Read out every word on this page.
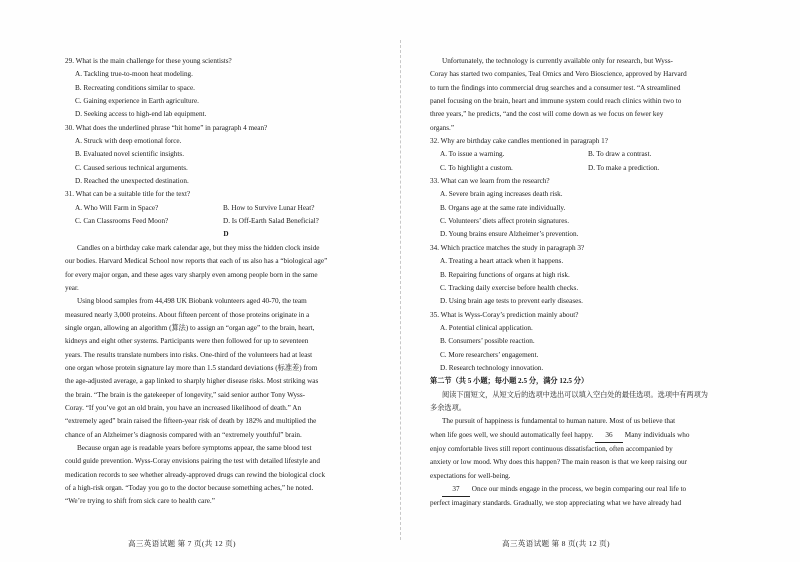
29. What is the main challenge for these young scientists?
A. Tackling true-to-moon heat modeling.
B. Recreating conditions similar to space.
C. Gaining experience in Earth agriculture.
D. Seeking access to high-end lab equipment.
30. What does the underlined phrase “hit home” in paragraph 4 mean?
A. Struck with deep emotional force.
B. Evaluated novel scientific insights.
C. Caused serious technical arguments.
D. Reached the unexpected destination.
31. What can be a suitable title for the text?
A. Who Will Farm in Space?	B. How to Survive Lunar Heat?
C. Can Classrooms Feed Moon?	D. Is Off-Earth Salad Beneficial?
D
Candles on a birthday cake mark calendar age, but they miss the hidden clock inside
our bodies. Harvard Medical School now reports that each of us also has a “biological age”
for every major organ, and these ages vary sharply even among people born in the same
year.
Using blood samples from 44,498 UK Biobank volunteers aged 40-70, the team
measured nearly 3,000 proteins. About fifteen percent of those proteins originate in a
single organ, allowing an algorithm (算法) to assign an “organ age” to the brain, heart,
kidneys and eight other systems. Participants were then followed for up to seventeen
years. The results translate numbers into risks. One-third of the volunteers had at least
one organ whose protein signature lay more than 1.5 standard deviations (标准差) from
the age-adjusted average, a gap linked to sharply higher disease risks. Most striking was
the brain. “The brain is the gatekeeper of longevity,” said senior author Tony Wyss-
Coray. “If you’ve got an old brain, you have an increased likelihood of death.” An
“extremely aged” brain raised the fifteen-year risk of death by 182% and multiplied the
chance of an Alzheimer’s diagnosis compared with an “extremely youthful” brain.
Because organ age is readable years before symptoms appear, the same blood test
could guide prevention. Wyss-Coray envisions pairing the test with detailed lifestyle and
medication records to see whether already-approved drugs can rewind the biological clock
of a high-risk organ. “Today you go to the doctor because something aches,” he noted.
“We’re trying to shift from sick care to health care.”
高三英语试题 第 7 页(共 12 页)
Unfortunately, the technology is currently available only for research, but Wyss-
Coray has started two companies, Teal Omics and Vero Bioscience, approved by Harvard
to turn the findings into commercial drug searches and a consumer test. “A streamlined
panel focusing on the brain, heart and immune system could reach clinics within two to
three years,” he predicts, “and the cost will come down as we focus on fewer key
organs.”
32. Why are birthday cake candles mentioned in paragraph 1?
A. To issue a warning.	B. To draw a contrast.
C. To highlight a custom.	D. To make a prediction.
33. What can we learn from the research?
A. Severe brain aging increases death risk.
B. Organs age at the same rate individually.
C. Volunteers’ diets affect protein signatures.
D. Young brains ensure Alzheimer’s prevention.
34. Which practice matches the study in paragraph 3?
A. Treating a heart attack when it happens.
B. Repairing functions of organs at high risk.
C. Tracking daily exercise before health checks.
D. Using brain age tests to prevent early diseases.
35. What is Wyss-Coray’s prediction mainly about?
A. Potential clinical application.
B. Consumers’ possible reaction.
C. More researchers’ engagement.
D. Research technology innovation.
第二节（共 5 小题；每小题 2.5 分，满分 12.5 分）
阅读下面短文，从短文后的选项中选出可以填入空白处的最佳选项。选项中有两项为
多余选项。
The pursuit of happiness is fundamental to human nature. Most of us believe that
when life goes well, we should automatically feel happy. 36 Many individuals who
enjoy comfortable lives still report continuous dissatisfaction, often accompanied by
anxiety or low mood. Why does this happen? The main reason is that we keep raising our
expectations for well-being.
37 Once our minds engage in the process, we begin comparing our real life to
perfect imaginary standards. Gradually, we stop appreciating what we have already had
高三英语试题 第 8 页(共 12 页)
